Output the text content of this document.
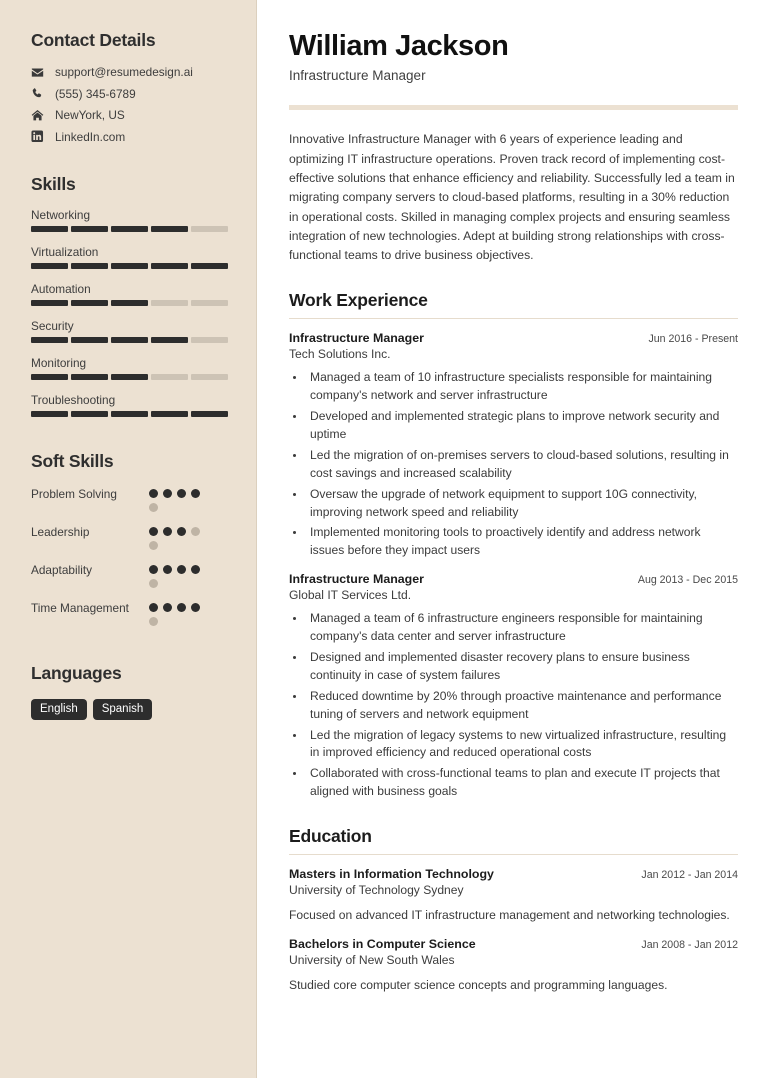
Contact Details
support@resumedesign.ai
(555) 345-6789
NewYork, US
LinkedIn.com
Skills
Networking
Virtualization
Automation
Security
Monitoring
Troubleshooting
Soft Skills
Problem Solving
Leadership
Adaptability
Time Management
Languages
English	Spanish
William Jackson
Infrastructure Manager

Innovative Infrastructure Manager with 6 years of experience leading and optimizing IT infrastructure operations. Proven track record of implementing cost-effective solutions that enhance efficiency and reliability. Successfully led a team in migrating company servers to cloud-based platforms, resulting in a 30% reduction in operational costs. Skilled in managing complex projects and ensuring seamless integration of new technologies. Adept at building strong relationships with cross-functional teams to drive business objectives.

Work Experience
Infrastructure Manager	Jun 2016 - Present
Tech Solutions Inc.
• Managed a team of 10 infrastructure specialists responsible for maintaining company's network and server infrastructure
• Developed and implemented strategic plans to improve network security and uptime
• Led the migration of on-premises servers to cloud-based solutions, resulting in cost savings and increased scalability
• Oversaw the upgrade of network equipment to support 10G connectivity, improving network speed and reliability
• Implemented monitoring tools to proactively identify and address network issues before they impact users
Infrastructure Manager	Aug 2013 - Dec 2015
Global IT Services Ltd.
• Managed a team of 6 infrastructure engineers responsible for maintaining company's data center and server infrastructure
• Designed and implemented disaster recovery plans to ensure business continuity in case of system failures
• Reduced downtime by 20% through proactive maintenance and performance tuning of servers and network equipment
• Led the migration of legacy systems to new virtualized infrastructure, resulting in improved efficiency and reduced operational costs
• Collaborated with cross-functional teams to plan and execute IT projects that aligned with business goals
Education
Masters in Information Technology	Jan 2012 - Jan 2014
University of Technology Sydney
Focused on advanced IT infrastructure management and networking technologies.
Bachelors in Computer Science	Jan 2008 - Jan 2012
University of New South Wales
Studied core computer science concepts and programming languages.
